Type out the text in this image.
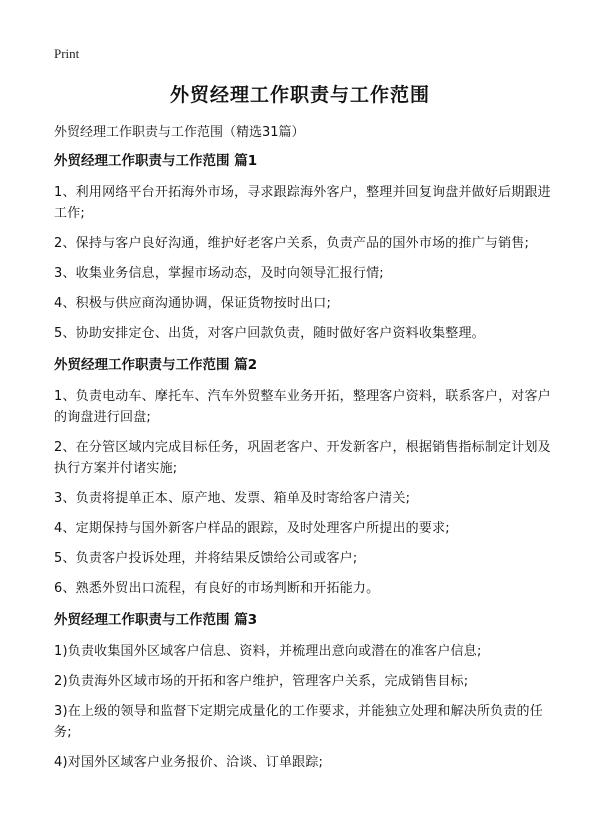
Print
外贸经理工作职责与工作范围

外贸经理工作职责与工作范围（精选31篇）

外贸经理工作职责与工作范围 篇1

1、利用网络平台开拓海外市场，寻求跟踪海外客户，整理并回复询盘并做好后期跟进工作;

2、保持与客户良好沟通，维护好老客户关系，负责产品的国外市场的推广与销售;

3、收集业务信息，掌握市场动态，及时向领导汇报行情;

4、积极与供应商沟通协调，保证货物按时出口;

5、协助安排定仓、出货，对客户回款负责，随时做好客户资料收集整理。

外贸经理工作职责与工作范围 篇2

1、负责电动车、摩托车、汽车外贸整车业务开拓，整理客户资料，联系客户，对客户的询盘进行回盘;

2、在分管区域内完成目标任务，巩固老客户、开发新客户，根据销售指标制定计划及执行方案并付诸实施;

3、负责将提单正本、原产地、发票、箱单及时寄给客户清关;

4、定期保持与国外新客户样品的跟踪，及时处理客户所提出的要求;

5、负责客户投诉处理，并将结果反馈给公司或客户;

6、熟悉外贸出口流程，有良好的市场判断和开拓能力。

外贸经理工作职责与工作范围 篇3

1)负责收集国外区域客户信息、资料，并梳理出意向或潜在的准客户信息;

2)负责海外区域市场的开拓和客户维护，管理客户关系，完成销售目标;

3)在上级的领导和监督下定期完成量化的工作要求，并能独立处理和解决所负责的任务;

4)对国外区域客户业务报价、洽谈、订单跟踪;
